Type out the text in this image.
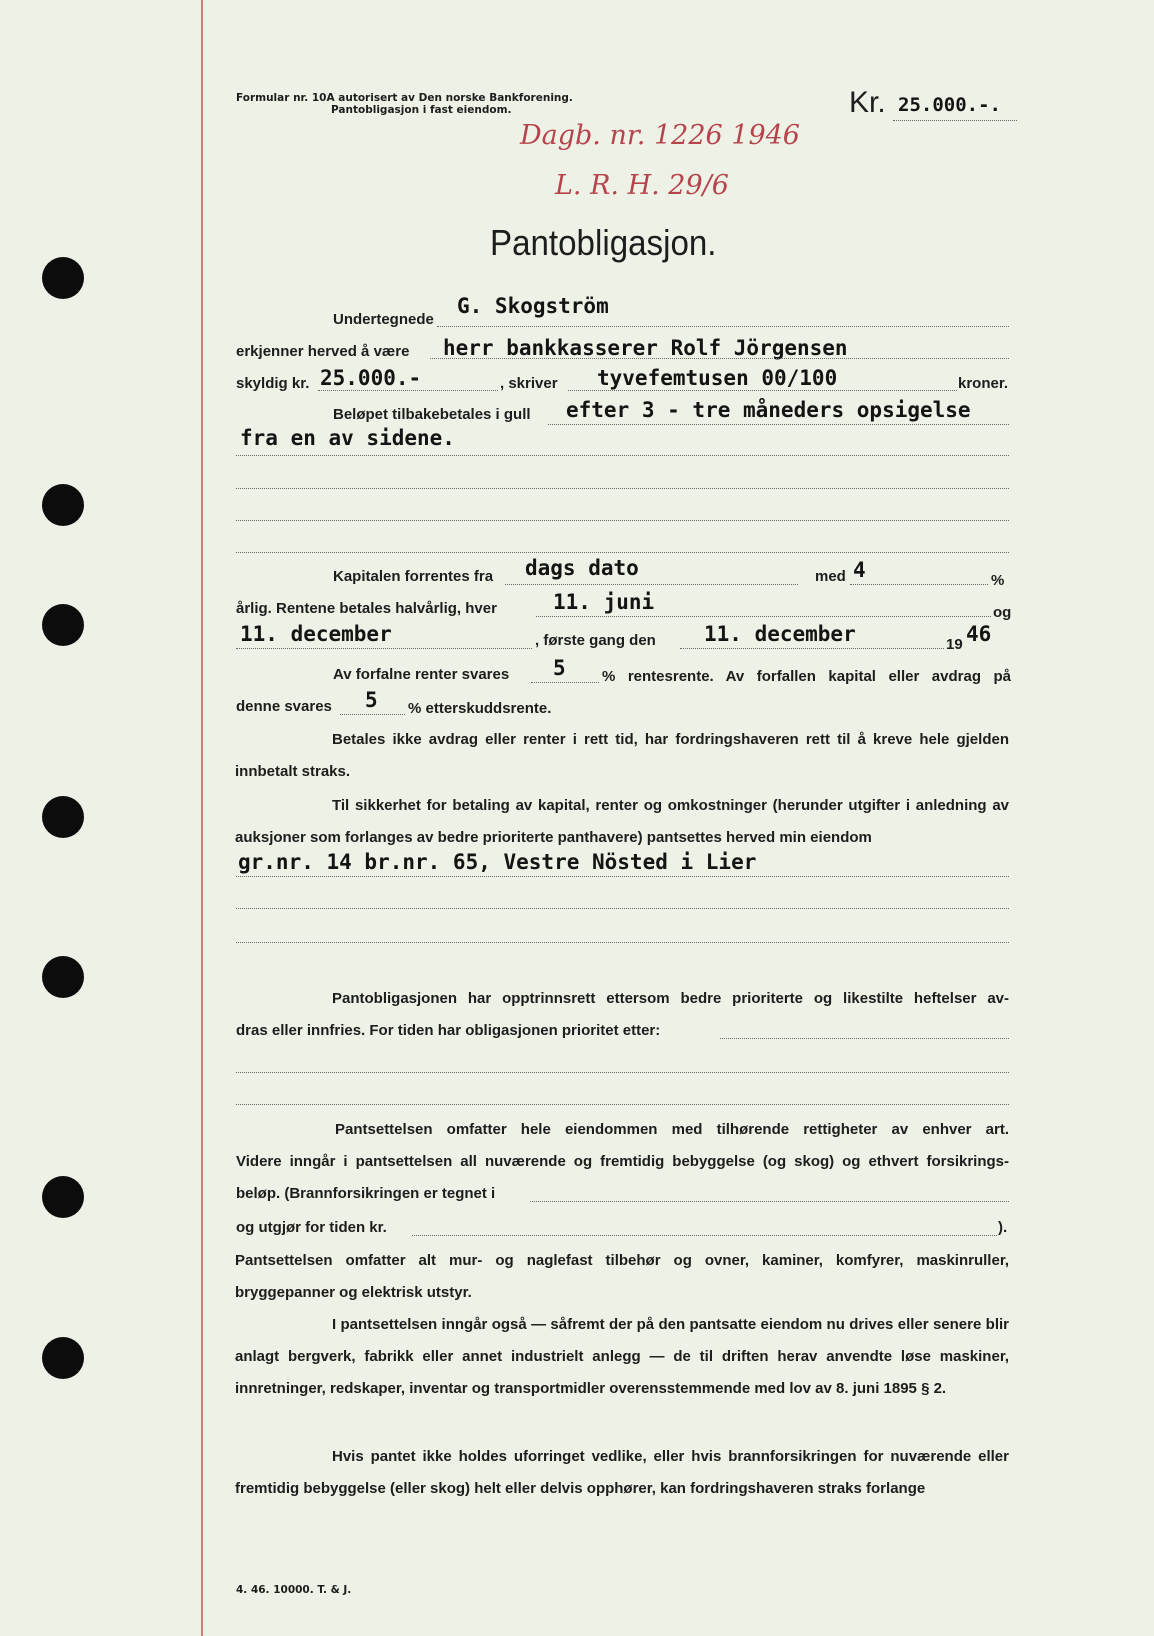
Formular nr. 10A autorisert av Den norske Bankforening.
Pantobligasjon i fast eiendom.	Kr. 25.000.-.
Dagb. nr. 1226 1946
L. R. H. 29/6
Pantobligasjon.
Undertegnede
G. Skogström
erkjenner herved å være herr bankkasserer Rolf Jörgensen
skyldig kr. 25.000.-	, skriver tyvefemtusen 00/100	kroner.
Beløpet tilbakebetales i gull efter 3 - tre måneders opsigelse
fra en av sidene.
Kapitalen forrentes fra dags dato	med 4	%
årlig. Rentene betales halvårlig, hver	11. juni	og
11. december	, første gang den 11. december	19 46
Av forfalne renter svares 5 % rentesrente. Av forfallen kapital eller avdrag på
denne svares 5 % etterskuddsrente.
Betales ikke avdrag eller renter i rett tid, har fordringshaveren rett til å kreve hele gjelden innbetalt straks.
Til sikkerhet for betaling av kapital, renter og omkostninger (herunder utgifter i anledning av auksjoner som forlanges av bedre prioriterte panthavere) pantsettes herved min eiendom
gr.nr. 14 br.nr. 65, Vestre Nösted i Lier
Pantobligasjonen har opptrinnsrett ettersom bedre prioriterte og likestilte heftelser av-
dras eller innfries. For tiden har obligasjonen prioritet etter:
Pantsettelsen omfatter hele eiendommen med tilhørende rettigheter av enhver art.
Videre inngår i pantsettelsen all nuværende og fremtidig bebyggelse (og skog) og ethvert forsikrings-
beløp. (Brannforsikringen er tegnet i
og utgjør for tiden kr.	).
Pantsettelsen omfatter alt mur- og naglefast tilbehør og ovner, kaminer, komfyrer, maskinruller, bryggepanner og elektrisk utstyr.
I pantsettelsen inngår også — såfremt der på den pantsatte eiendom nu drives eller senere blir anlagt bergverk, fabrikk eller annet industrielt anlegg — de til driften herav anvendte løse maskiner, innretninger, redskaper, inventar og transportmidler overensstemmende med lov av 8. juni 1895 § 2.
Hvis pantet ikke holdes uforringet vedlike, eller hvis brannforsikringen for nuværende eller fremtidig bebyggelse (eller skog) helt eller delvis opphører, kan fordringshaveren straks forlange
4. 46. 10000. T. & J.
